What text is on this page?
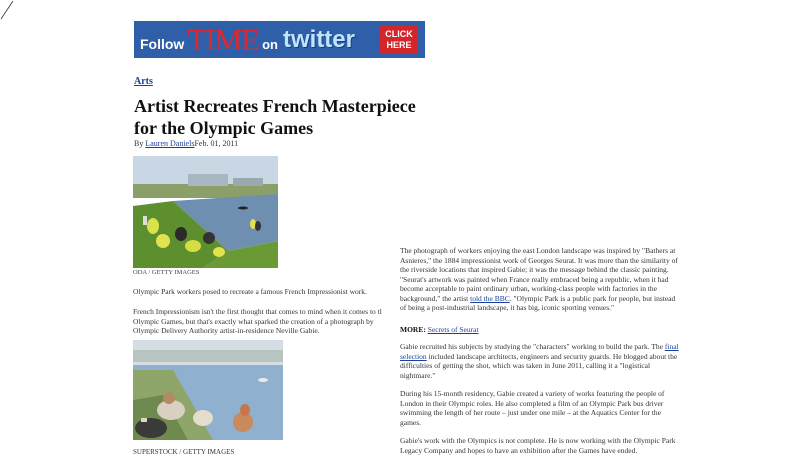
Follow TIME on twitter	CLICK
HERE
Arts
Artist Recreates French Masterpiece for the Olympic Games
By Lauren DanielsFeb. 01, 2011
ODA / GETTY IMAGES
Olympic Park workers posed to recreate a famous French Impressionist work.
French Impressionism isn't the first thought that comes to mind when it comes to tl Olympic Games, but that's exactly what sparked the creation of a photograph by Olympic Delivery Authority artist-in-residence Neville Gabie.
SUPERSTOCK / GETTY IMAGES
The photograph of workers enjoying the east London landscape was inspired by "Bathers at Asnieres," the 1884 impressionist work of Georges Seurat. It was more than the similarity of the riverside locations that inspired Gabie; it was the message behind the classic painting. "Seurat's artwork was painted when France really embraced being a republic, when it had become acceptable to paint ordinary urban, working-class people with factories in the background," the artist told the BBC. "Olympic Park is a public park for people, but instead of being a post-industrial landscape, it has big, iconic sporting venues."
MORE: Secrets of Seurat
Gabie recruited his subjects by studying the "characters" working to build the park. The final selection included landscape architects, engineers and security guards. He blogged about the difficulties of getting the shot, which was taken in June 2011, calling it a "logistical nightmare."
During his 15-month residency, Gabie created a variety of works featuring the people of London in their Olympic roles. He also completed a film of an Olympic Park bus driver swimming the length of her route – just under one mile – at the Aquatics Center for the games.
Gabie's work with the Olympics is not complete. He is now working with the Olympic Park Legacy Company and hopes to have an exhibition after the Games have ended.
